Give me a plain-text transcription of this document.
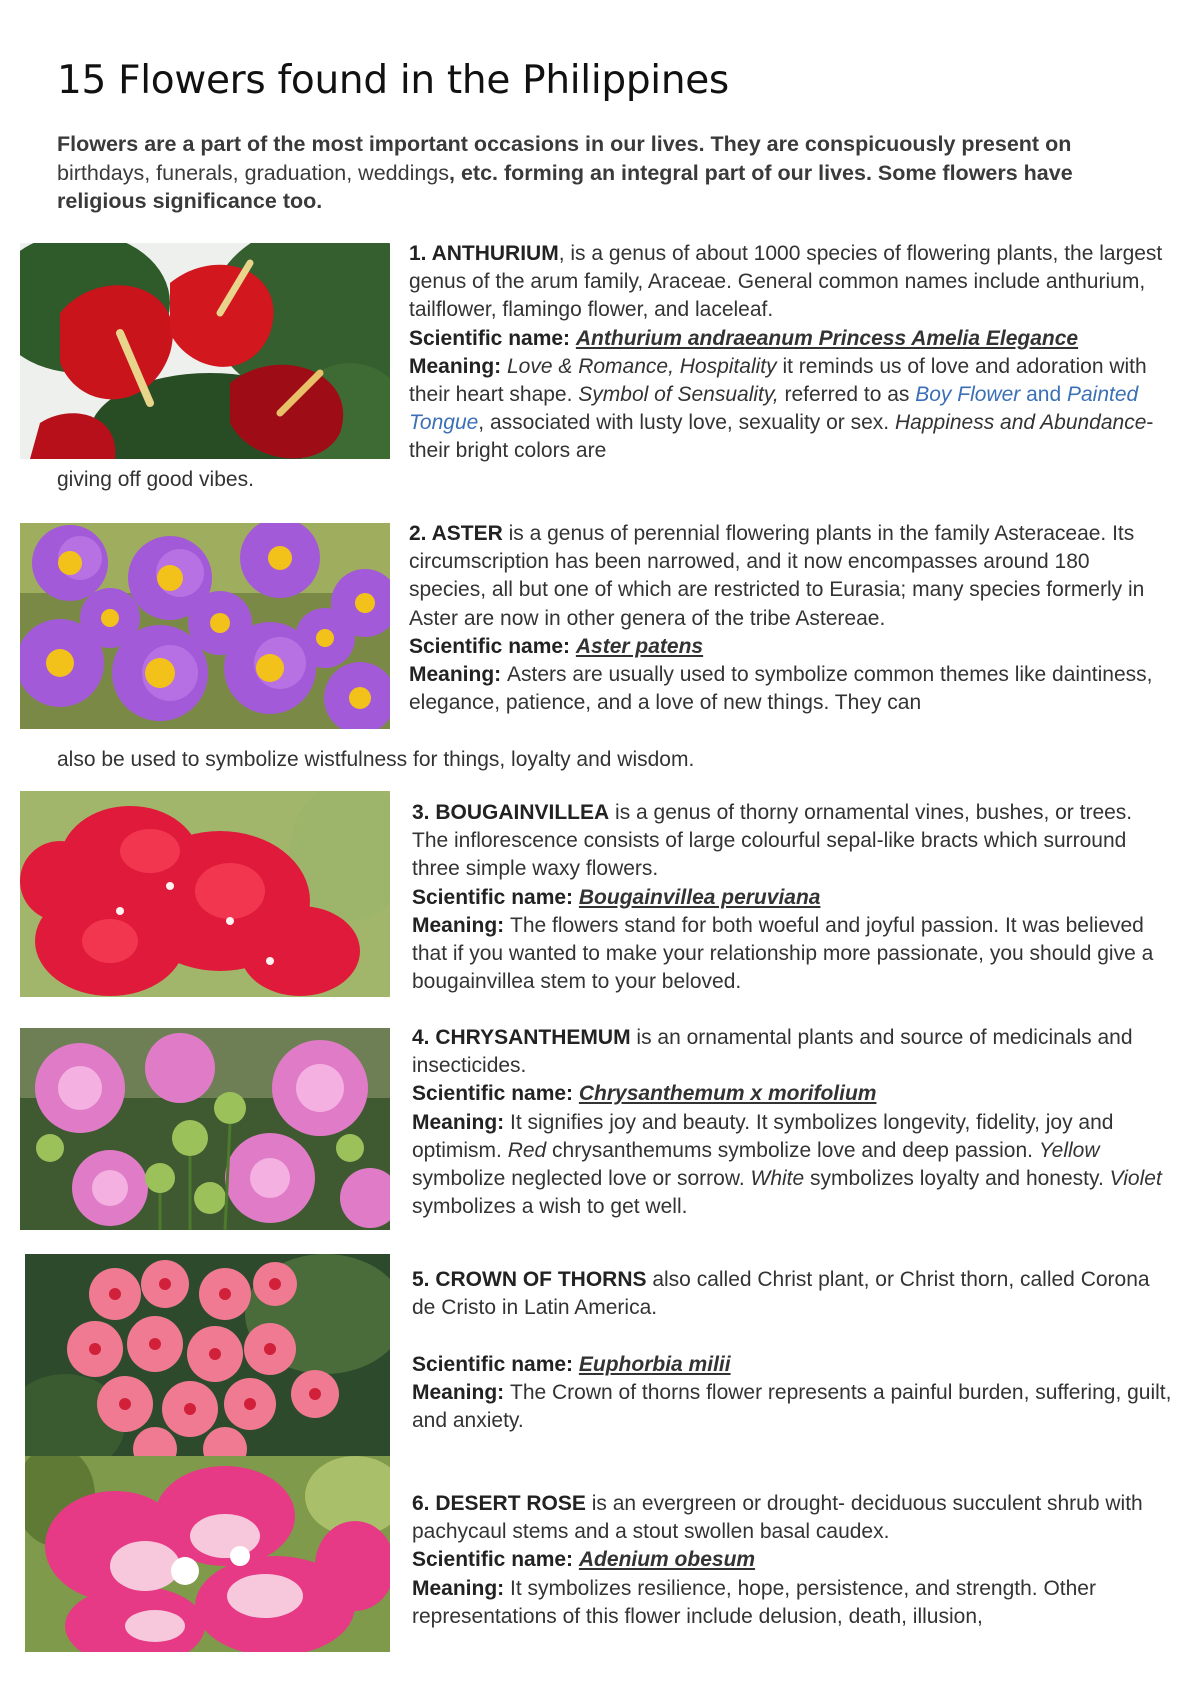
15 Flowers found in the Philippines
Flowers are a part of the most important occasions in our lives. They are conspicuously present on birthdays, funerals, graduation, weddings, etc. forming an integral part of our lives. Some flowers have religious significance too.
1. ANTHURIUM, is a genus of about 1000 species of flowering plants, the largest genus of the arum family, Araceae. General common names include anthurium, tailflower, flamingo flower, and laceleaf.
Scientific name: Anthurium andraeanum Princess Amelia Elegance
Meaning: Love & Romance, Hospitality it reminds us of love and adoration with their heart shape. Symbol of Sensuality, referred to as Boy Flower and Painted Tongue, associated with lusty love, sexuality or sex. Happiness and Abundance- their bright colors are
giving off good vibes.
2. ASTER is a genus of perennial flowering plants in the family Asteraceae. Its circumscription has been narrowed, and it now encompasses around 180 species, all but one of which are restricted to Eurasia; many species formerly in Aster are now in other genera of the tribe Astereae.
Scientific name: Aster patens
Meaning: Asters are usually used to symbolize common themes like daintiness, elegance, patience, and a love of new things. They can
also be used to symbolize wistfulness for things, loyalty and wisdom.
3. BOUGAINVILLEA is a genus of thorny ornamental vines, bushes, or trees. The inflorescence consists of large colourful sepal-like bracts which surround three simple waxy flowers.
Scientific name: Bougainvillea peruviana
Meaning: The flowers stand for both woeful and joyful passion. It was believed that if you wanted to make your relationship more passionate, you should give a bougainvillea stem to your beloved.
4. CHRYSANTHEMUM is an ornamental plants and source of medicinals and insecticides.
Scientific name: Chrysanthemum x morifolium
Meaning: It signifies joy and beauty. It symbolizes longevity, fidelity, joy and optimism. Red chrysanthemums symbolize love and deep passion. Yellow symbolize neglected love or sorrow. White symbolizes loyalty and honesty. Violet symbolizes a wish to get well.
5. CROWN OF THORNS also called Christ plant, or Christ thorn, called Corona de Cristo in Latin America.
Scientific name: Euphorbia milii
Meaning: The Crown of thorns flower represents a painful burden, suffering, guilt, and anxiety.
6. DESERT ROSE is an evergreen or drought- deciduous succulent shrub with pachycaul stems and a stout swollen basal caudex.
Scientific name: Adenium obesum
Meaning: It symbolizes resilience, hope, persistence, and strength. Other representations of this flower include delusion, death, illusion,
